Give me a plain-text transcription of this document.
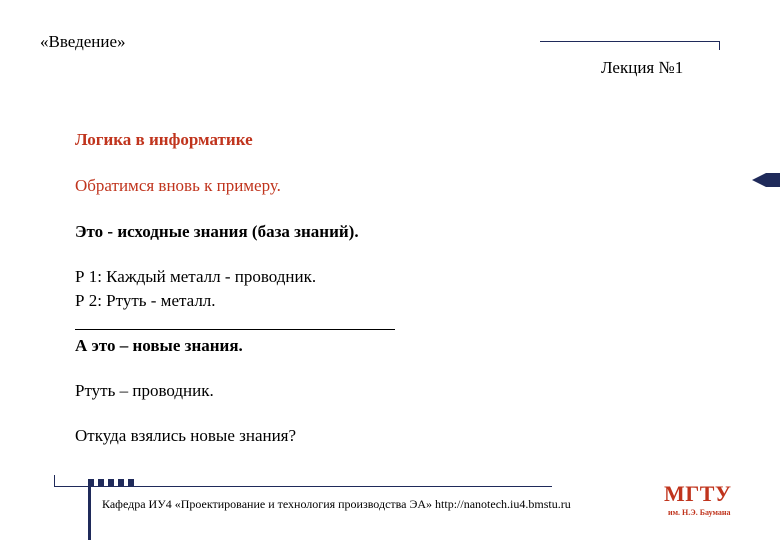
«Введение»
Лекция №1
Логика в информатике
Обратимся вновь к примеру.
Это - исходные знания (база знаний).
Р 1: Каждый металл - проводник.
Р 2: Ртуть - металл.
А это – новые знания.
Ртуть – проводник.
Откуда взялись новые знания?
Кафедра ИУ4 «Проектирование и технология производства ЭА» http://nanotech.iu4.bmstu.ru	МГТУ
им. Н.Э. Баумана
